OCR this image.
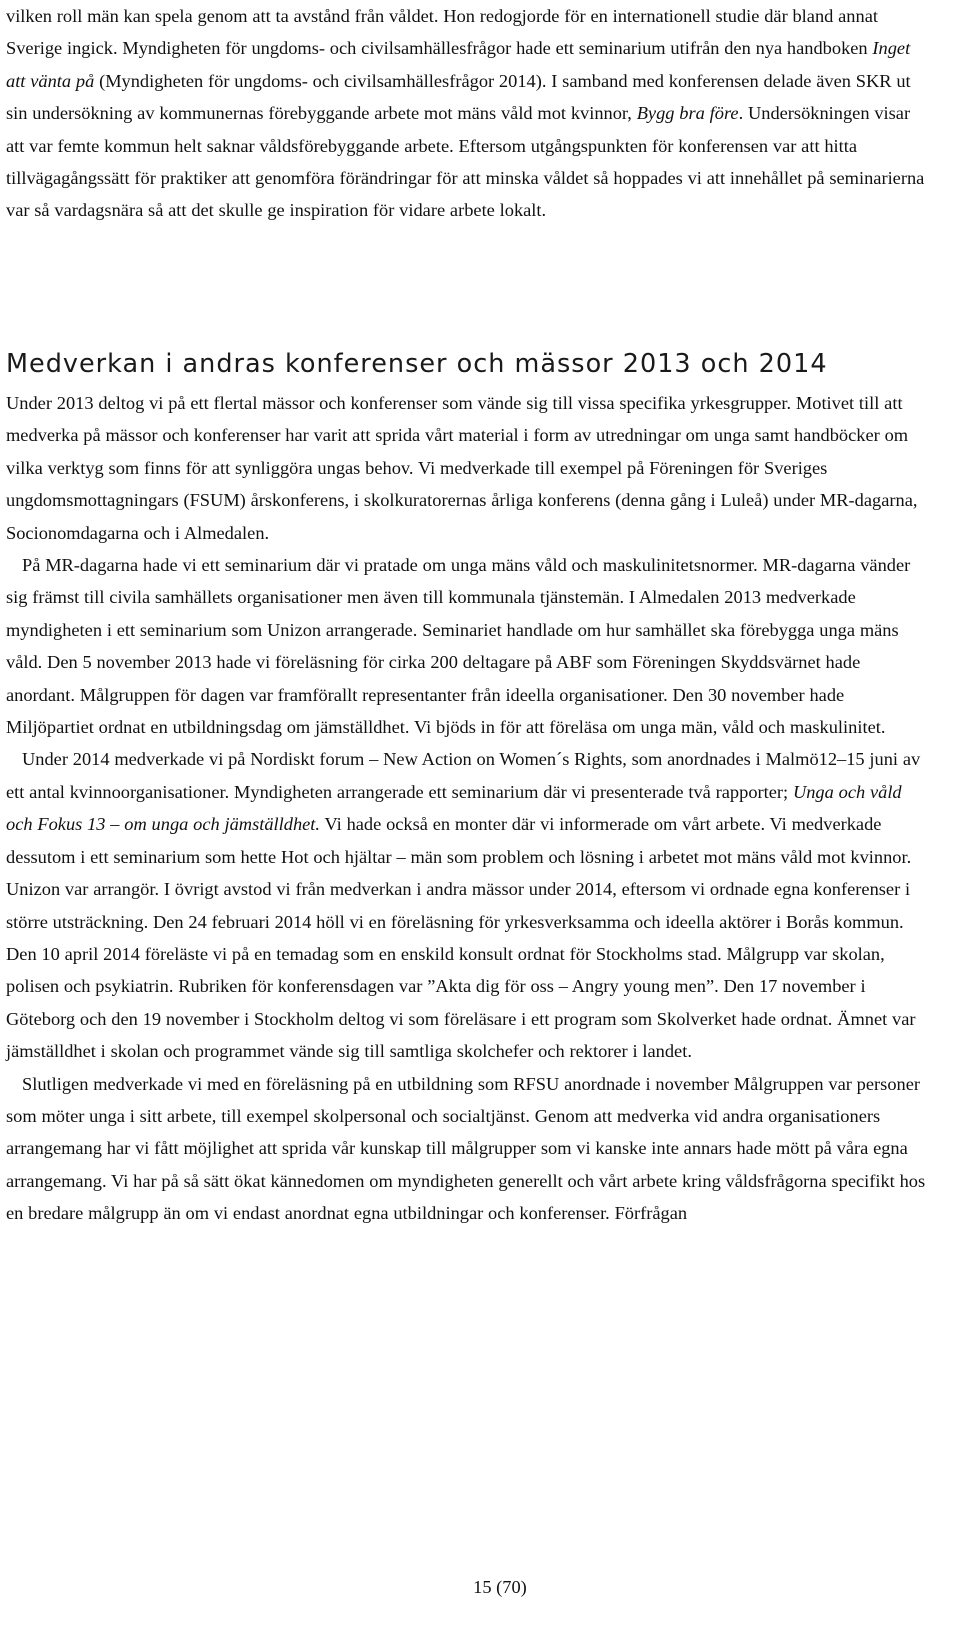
vilken roll män kan spela genom att ta avstånd från våldet. Hon redogjorde för en internationell studie där bland annat Sverige ingick. Myndigheten för ungdoms- och civilsamhällesfrågor hade ett seminarium utifrån den nya handboken Inget att vänta på (Myndigheten för ungdoms- och civilsamhällesfrågor 2014). I samband med konferensen delade även SKR ut sin undersökning av kommunernas förebyggande arbete mot mäns våld mot kvinnor, Bygg bra före. Undersökningen visar att var femte kommun helt saknar våldsförebyggande arbete. Eftersom utgångspunkten för konferensen var att hitta tillvägagångssätt för praktiker att genomföra förändringar för att minska våldet så hoppades vi att innehållet på seminarierna var så vardagsnära så att det skulle ge inspiration för vidare arbete lokalt.

Medverkan i andras konferenser och mässor 2013 och 2014

Under 2013 deltog vi på ett flertal mässor och konferenser som vände sig till vissa specifika yrkesgrupper. Motivet till att medverka på mässor och konferenser har varit att sprida vårt material i form av utredningar om unga samt handböcker om vilka verktyg som finns för att synliggöra ungas behov. Vi medverkade till exempel på Föreningen för Sveriges ungdomsmottagningars (FSUM) årskonferens, i skolkuratorernas årliga konferens (denna gång i Luleå) under MR-dagarna, Socionomdagarna och i Almedalen.

På MR-dagarna hade vi ett seminarium där vi pratade om unga mäns våld och maskulinitetsnormer. MR-dagarna vänder sig främst till civila samhällets organisationer men även till kommunala tjänstemän. I Almedalen 2013 medverkade myndigheten i ett seminarium som Unizon arrangerade. Seminariet handlade om hur samhället ska förebygga unga mäns våld. Den 5 november 2013 hade vi föreläsning för cirka 200 deltagare på ABF som Föreningen Skyddsvärnet hade anordant. Målgruppen för dagen var framförallt representanter från ideella organisationer. Den 30 november hade Miljöpartiet ordnat en utbildningsdag om jämställdhet. Vi bjöds in för att föreläsa om unga män, våld och maskulinitet.

Under 2014 medverkade vi på Nordiskt forum – New Action on Women´s Rights, som anordnades i Malmö12–15 juni av ett antal kvinnoorganisationer. Myndigheten arrangerade ett seminarium där vi presenterade två rapporter; Unga och våld och Fokus 13 – om unga och jämställdhet. Vi hade också en monter där vi informerade om vårt arbete. Vi medverkade dessutom i ett seminarium som hette Hot och hjältar – män som problem och lösning i arbetet mot mäns våld mot kvinnor. Unizon var arrangör. I övrigt avstod vi från medverkan i andra mässor under 2014, eftersom vi ordnade egna konferenser i större utsträckning. Den 24 februari 2014 höll vi en föreläsning för yrkesverksamma och ideella aktörer i Borås kommun. Den 10 april 2014 föreläste vi på en temadag som en enskild konsult ordnat för Stockholms stad. Målgrupp var skolan, polisen och psykiatrin. Rubriken för konferensdagen var ”Akta dig för oss – Angry young men”. Den 17 november i Göteborg och den 19 november i Stockholm deltog vi som föreläsare i ett program som Skolverket hade ordnat. Ämnet var jämställdhet i skolan och programmet vände sig till samtliga skolchefer och rektorer i landet.

Slutligen medverkade vi med en föreläsning på en utbildning som RFSU anordnade i november Målgruppen var personer som möter unga i sitt arbete, till exempel skolpersonal och socialtjänst. Genom att medverka vid andra organisationers arrangemang har vi fått möjlighet att sprida vår kunskap till målgrupper som vi kanske inte annars hade mött på våra egna arrangemang. Vi har på så sätt ökat kännedomen om myndigheten generellt och vårt arbete kring våldsfrågorna specifikt hos en bredare målgrupp än om vi endast anordnat egna utbildningar och konferenser. Förfrågan

15 (70)
